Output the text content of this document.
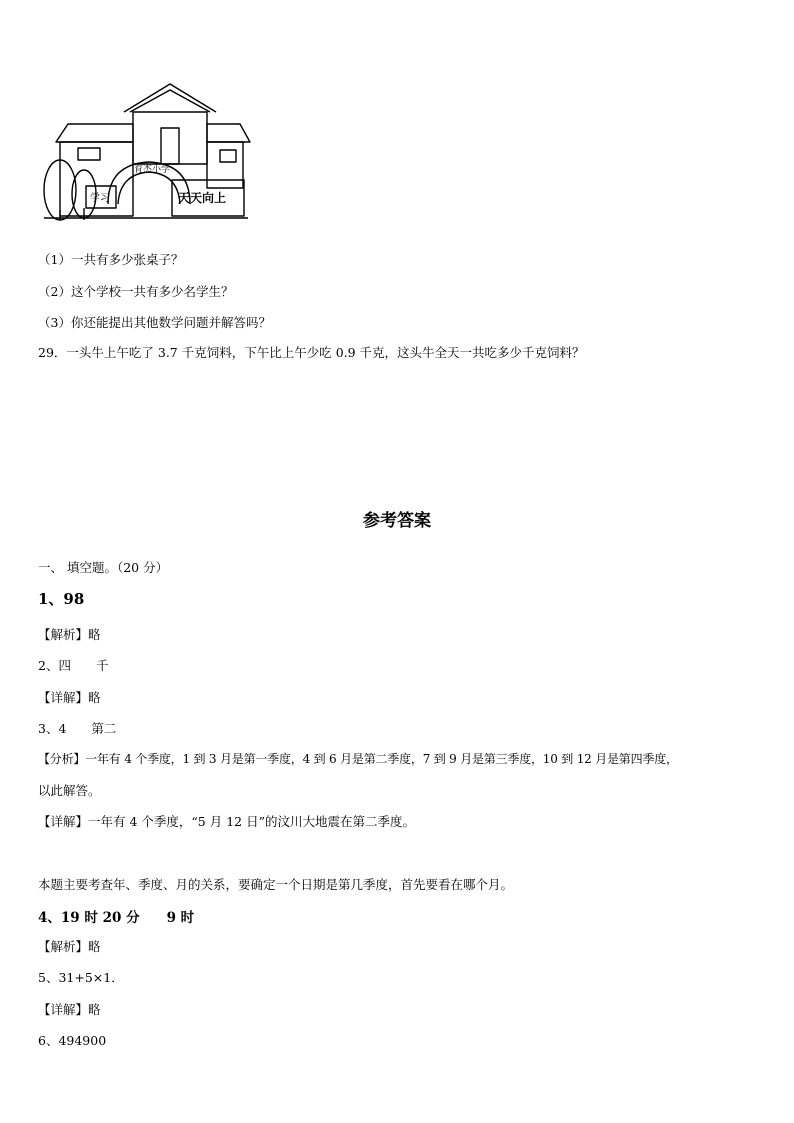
育杰小学
学习	天天向上
（1）一共有多少张桌子？
（2）这个学校一共有多少名学生？
（3）你还能提出其他数学问题并解答吗？
29．一头牛上午吃了 3.7 千克饲料，下午比上午少吃 0.9 千克，这头牛全天一共吃多少千克饲料？
参考答案
一、 填空题。（20 分）
1、98
【解析】略
2、四　　千
【详解】略
3、4　　第二
【分析】一年有 4 个季度，1 到 3 月是第一季度，4 到 6 月是第二季度，7 到 9 月是第三季度，10 到 12 月是第四季度，
以此解答。
【详解】一年有 4 个季度，“5 月 12 日”的汶川大地震在第二季度。
本题主要考查年、季度、月的关系，要确定一个日期是第几季度，首先要看在哪个月。
4、19 时 20 分　　9 时
【解析】略
5、31+5×1．
【详解】略
6、494900
